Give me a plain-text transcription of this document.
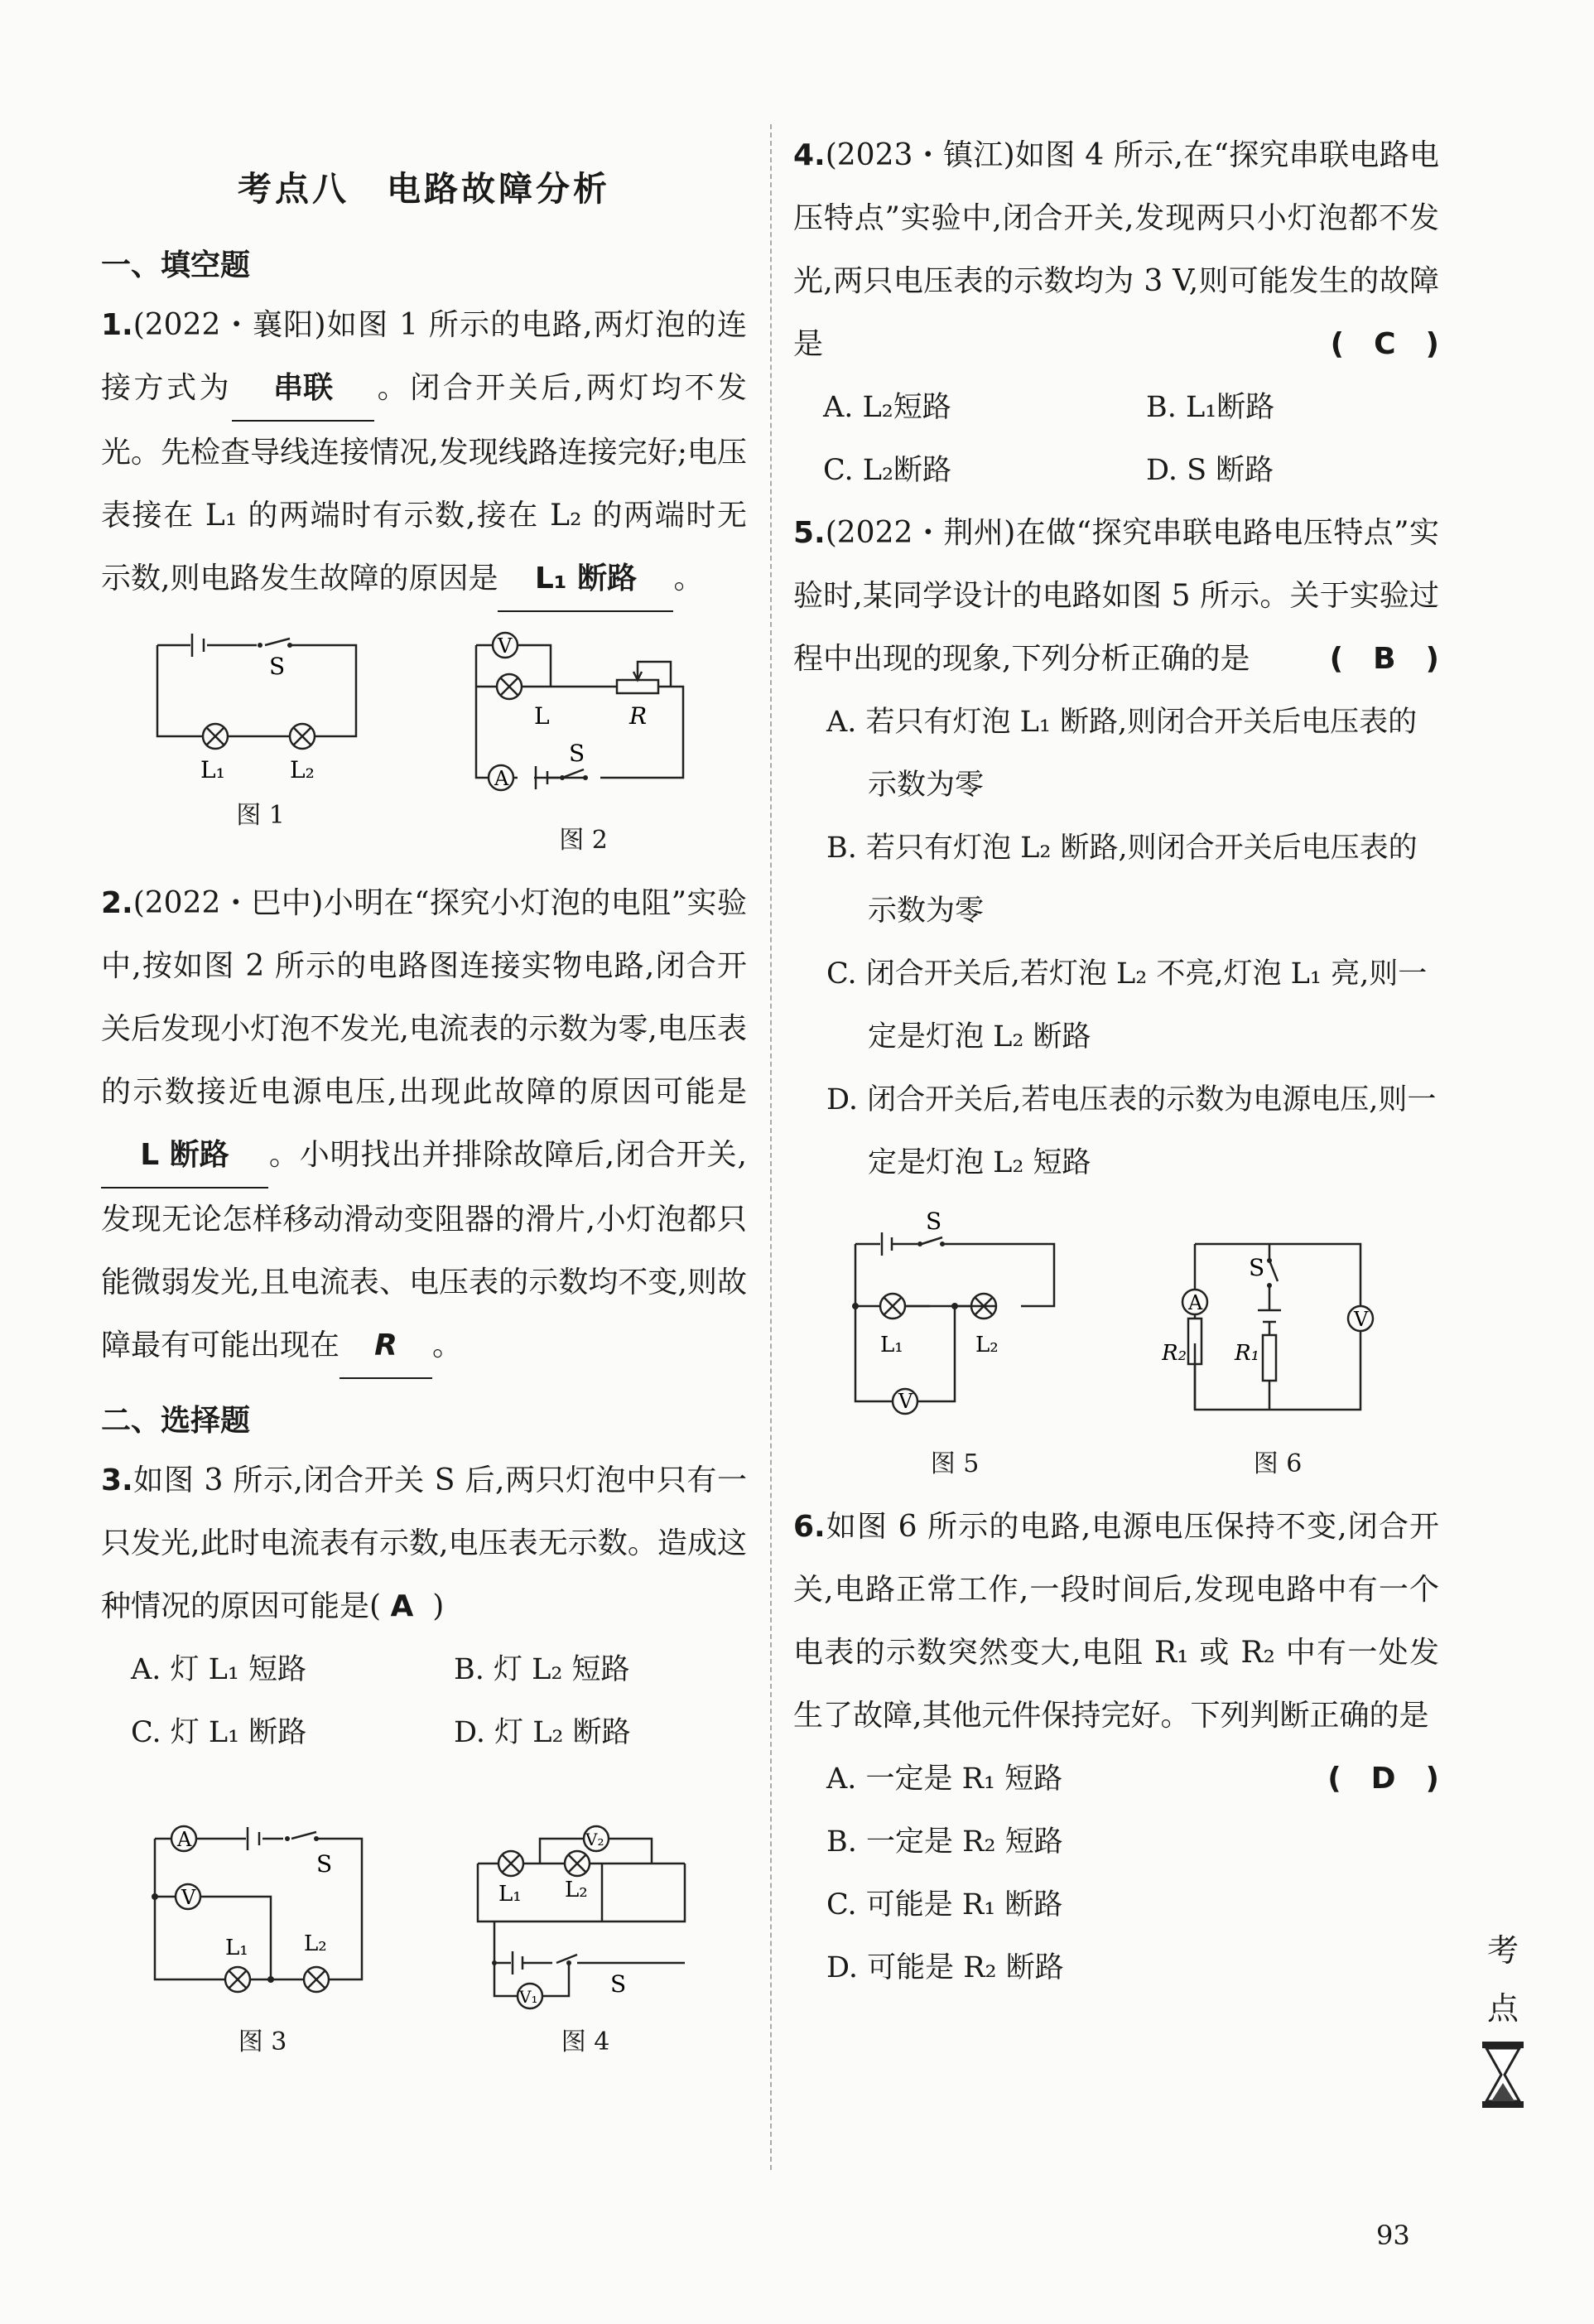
考点八　电路故障分析
一、填空题
1.(2022・襄阳)如图 1 所示的电路,两灯泡的连接方式为 串联 。闭合开关后,两灯均不发光。先检查导线连接情况,发现线路连接完好;电压表接在 L₁ 的两端时有示数,接在 L₂ 的两端时无示数,则电路发生故障的原因是 L₁ 断路 。
S
L₁	L₂
图 1
V
A
L	R
S
图 2
2.(2022・巴中)小明在“探究小灯泡的电阻”实验中,按如图 2 所示的电路图连接实物电路,闭合开关后发现小灯泡不发光,电流表的示数为零,电压表的示数接近电源电压,出现此故障的原因可能是L 断路 。小明找出并排除故障后,闭合开关,发现无论怎样移动滑动变阻器的滑片,小灯泡都只能微弱发光,且电流表、电压表的示数均不变,则故障最有可能出现在 R 。
二、选择题
3.如图 3 所示,闭合开关 S 后,两只灯泡中只有一只发光,此时电流表有示数,电压表无示数。造成这种情况的原因可能是( A )
A. 灯 L₁ 短路	B. 灯 L₂ 短路
C. 灯 L₁ 断路	D. 灯 L₂ 断路
A
V
S
L₁	L₂
图 3
V₂
V₁
L₁ L₂
S
图 4
4.(2023・镇江)如图 4 所示,在“探究串联电路电压特点”实验中,闭合开关,发现两只小灯泡都不发光,两只电压表的示数均为 3 V,则可能发生的故障是	(　C　)
A. L₂短路	B. L₁断路
C. L₂断路	D. S 断路
5.(2022・荆州)在做“探究串联电路电压特点”实验时,某同学设计的电路如图 5 所示。关于实验过程中出现的现象,下列分析正确的是	(　B　)
A. 若只有灯泡 L₁ 断路,则闭合开关后电压表的示数为零
B. 若只有灯泡 L₂ 断路,则闭合开关后电压表的示数为零
C. 闭合开关后,若灯泡 L₂ 不亮,灯泡 L₁ 亮,则一定是灯泡 L₂ 断路
D. 闭合开关后,若电压表的示数为电源电压,则一定是灯泡 L₂ 短路
S
V
L₁	L₂
图 5
A
V
S
R₂ R₁
图 6
6.如图 6 所示的电路,电源电压保持不变,闭合开关,电路正常工作,一段时间后,发现电路中有一个电表的示数突然变大,电阻 R₁ 或 R₂ 中有一处发生了故障,其他元件保持完好。下列判断正确的是
(　D　)
A. 一定是 R₁ 短路
B. 一定是 R₂ 短路
C. 可能是 R₁ 断路
D. 可能是 R₂ 断路	考
点
93
